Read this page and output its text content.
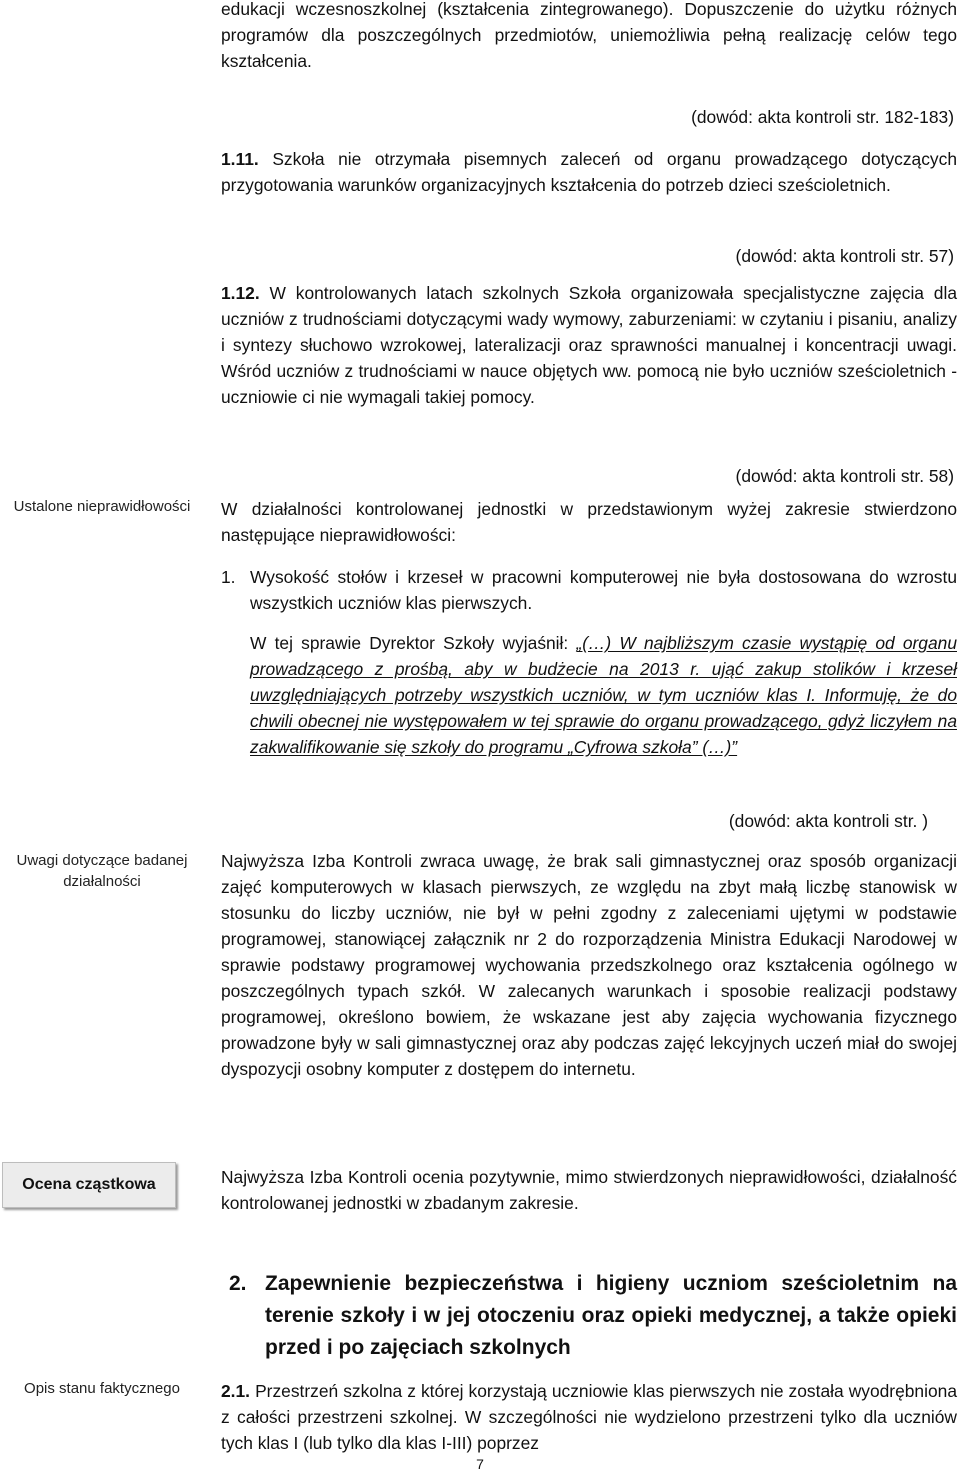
Ustalone nieprawidłowości
Uwagi dotyczące badanej działalności
Ocena cząstkowa
Opis stanu faktycznego

edukacji wczesnoszkolnej (kształcenia zintegrowanego). Dopuszczenie do użytku różnych programów dla poszczególnych przedmiotów, uniemożliwia pełną realizację celów tego kształcenia.

(dowód: akta kontroli str. 182-183)

1.11. Szkoła nie otrzymała pisemnych zaleceń od organu prowadzącego dotyczących przygotowania warunków organizacyjnych kształcenia do potrzeb dzieci sześcioletnich.

(dowód: akta kontroli str. 57)

1.12. W kontrolowanych latach szkolnych Szkoła organizowała specjalistyczne zajęcia dla uczniów z trudnościami dotyczącymi wady wymowy, zaburzeniami: w czytaniu i pisaniu, analizy i syntezy słuchowo wzrokowej, lateralizacji oraz sprawności manualnej i koncentracji uwagi. Wśród uczniów z trudnościami w nauce objętych ww. pomocą nie było uczniów sześcioletnich - uczniowie ci nie wymagali takiej pomocy.

(dowód: akta kontroli str. 58)

W działalności kontrolowanej jednostki w przedstawionym wyżej zakresie stwierdzono następujące nieprawidłowości:

1. Wysokość stołów i krzeseł w pracowni komputerowej nie była dostosowana do wzrostu wszystkich uczniów klas pierwszych.

W tej sprawie Dyrektor Szkoły wyjaśnił: „(…) W najbliższym czasie wystąpię od organu prowadzącego z prośbą, aby w budżecie na 2013 r. ująć zakup stolików i krzeseł uwzględniających potrzeby wszystkich uczniów, w tym uczniów klas I. Informuję, że do chwili obecnej nie występowałem w tej sprawie do organu prowadzącego, gdyż liczyłem na zakwalifikowanie się szkoły do programu „Cyfrowa szkoła” (…)”

(dowód: akta kontroli str. )

Najwyższa Izba Kontroli zwraca uwagę, że brak sali gimnastycznej oraz sposób organizacji zajęć komputerowych w klasach pierwszych, ze względu na zbyt małą liczbę stanowisk w stosunku do liczby uczniów, nie był w pełni zgodny z zaleceniami ujętymi w podstawie programowej, stanowiącej załącznik nr 2 do rozporządzenia Ministra Edukacji Narodowej w sprawie podstawy programowej wychowania przedszkolnego oraz kształcenia ogólnego w poszczególnych typach szkół. W zalecanych warunkach i sposobie realizacji podstawy programowej, określono bowiem, że wskazane jest aby zajęcia wychowania fizycznego prowadzone były w sali gimnastycznej oraz aby podczas zajęć lekcyjnych uczeń miał do swojej dyspozycji osobny komputer z dostępem do internetu.

Najwyższa Izba Kontroli ocenia pozytywnie, mimo stwierdzonych nieprawidłowości, działalność kontrolowanej jednostki w zbadanym zakresie.

2. Zapewnienie bezpieczeństwa i higieny uczniom sześcioletnim na terenie szkoły i w jej otoczeniu oraz opieki medycznej, a także opieki przed i po zajęciach szkolnych

2.1. Przestrzeń szkolna z której korzystają uczniowie klas pierwszych nie została wyodrębniona z całości przestrzeni szkolnej. W szczególności nie wydzielono przestrzeni tylko dla uczniów tych klas I (lub tylko dla klas I-III) poprzez

7
